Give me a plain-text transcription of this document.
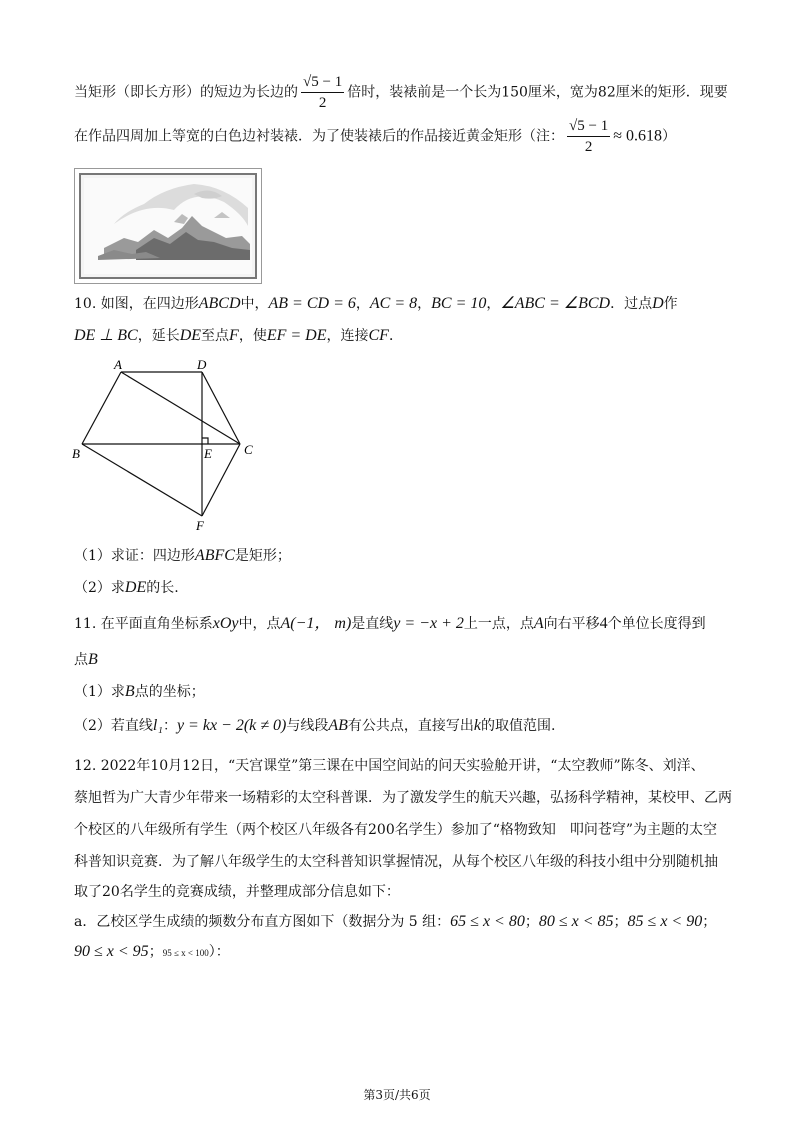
当矩形（即长方形）的短边为长边的 $\frac{√5 - 1}{2}$ 倍时，装裱前是一个长为150厘米，宽为82厘米的矩形．现要
在作品四周加上等宽的白色边衬装裱．为了使装裱后的作品接近黄金矩形（注： $\frac{√5 - 1}{2} \approx 0.618$）
10. 如图，在四边形ABCD中，AB = CD = 6，AC = 8，BC = 10，∠ABC = ∠BCD．过点D作
DE ⊥ BC，延长DE至点F，使EF = DE，连接CF．
A	D
B	E C
F
（1）求证：四边形ABFC是矩形；
（2）求DE的长.
11. 在平面直角坐标系xOy中，点A(−1， m)是直线y = −x + 2上一点，点A向右平移4个单位长度得到
点B
（1）求B点的坐标；
（2）若直线l₁：y = kx − 2(k ≠ 0)与线段AB有公共点，直接写出k的取值范围.
12. 2022年10月12日，“天宫课堂”第三课在中国空间站的问天实验舱开讲，“太空教师”陈冬、刘洋、
蔡旭哲为广大青少年带来一场精彩的太空科普课．为了激发学生的航天兴趣，弘扬科学精神，某校甲、乙两
个校区的八年级所有学生（两个校区八年级各有200名学生）参加了“格物致知　叩问苍穹”为主题的太空
科普知识竞赛．为了解八年级学生的太空科普知识掌握情况，从每个校区八年级的科技小组中分别随机抽
取了20名学生的竞赛成绩，并整理成部分信息如下：
a．乙校区学生成绩的频数分布直方图如下（数据分为 5 组：65 ≤ x < 80；80 ≤ x < 85；85 ≤ x < 90；
90 ≤ x < 95；95 ≤ x < 100）：
第3页/共6页
